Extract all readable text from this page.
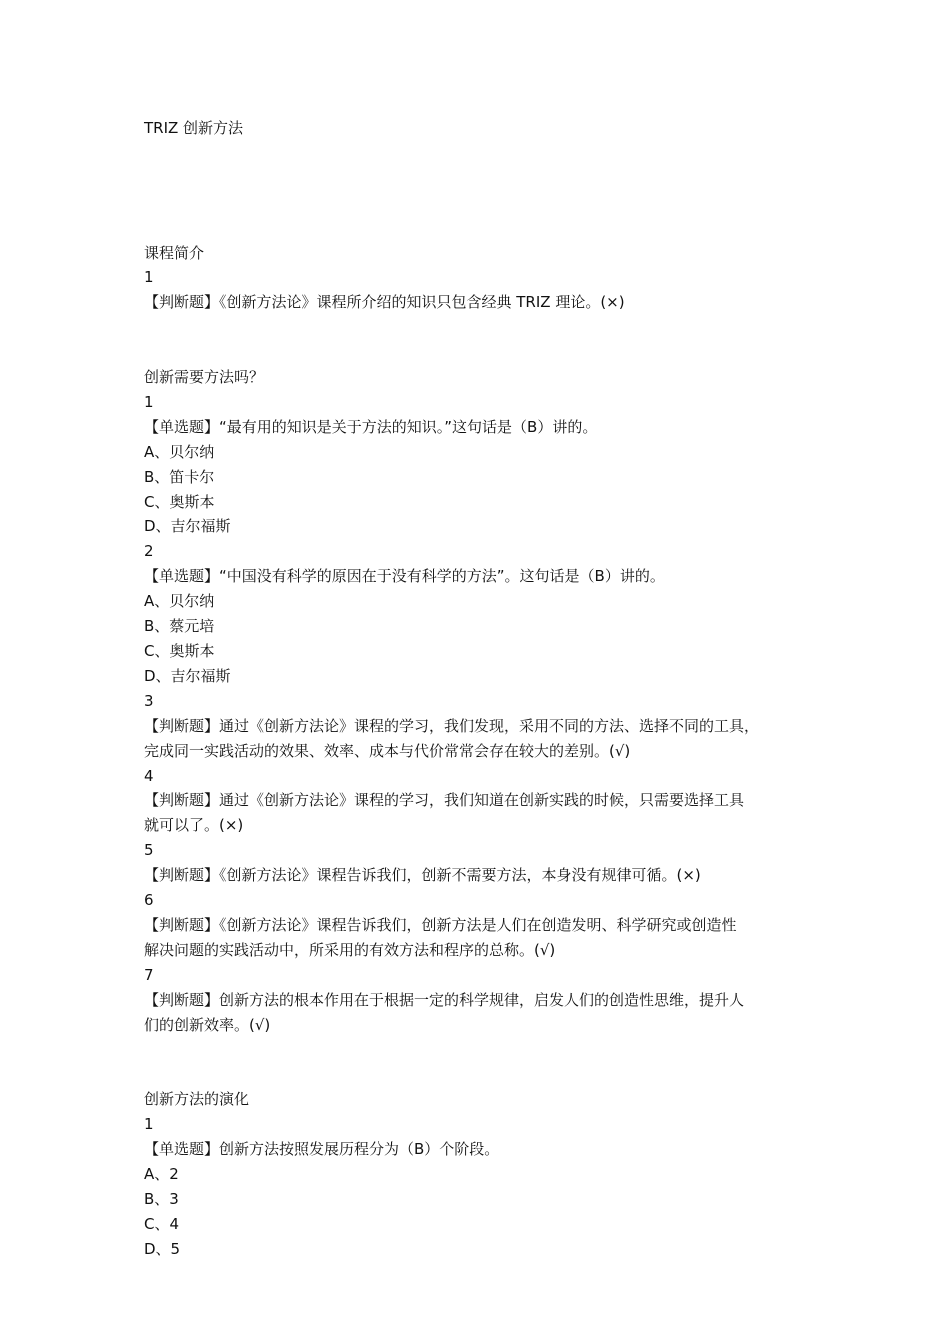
TRIZ 创新方法

课程简介

1

【判断题】《创新方法论》课程所介绍的知识只包含经典 TRIZ 理论。(×)

创新需要方法吗？

1

【单选题】“最有用的知识是关于方法的知识。”这句话是（B）讲的。

A、贝尔纳

B、笛卡尔

C、奥斯本

D、吉尔福斯

2

【单选题】“中国没有科学的原因在于没有科学的方法”。这句话是（B）讲的。

A、贝尔纳

B、蔡元培

C、奥斯本

D、吉尔福斯

3

【判断题】通过《创新方法论》课程的学习，我们发现，采用不同的方法、选择不同的工具，

完成同一实践活动的效果、效率、成本与代价常常会存在较大的差别。(√)

4

【判断题】通过《创新方法论》课程的学习，我们知道在创新实践的时候，只需要选择工具

就可以了。(×)

5

【判断题】《创新方法论》课程告诉我们，创新不需要方法，本身没有规律可循。(×)

6

【判断题】《创新方法论》课程告诉我们，创新方法是人们在创造发明、科学研究或创造性

解决问题的实践活动中，所采用的有效方法和程序的总称。(√)

7

【判断题】创新方法的根本作用在于根据一定的科学规律，启发人们的创造性思维，提升人

们的创新效率。(√)

创新方法的演化

1

【单选题】创新方法按照发展历程分为（B）个阶段。

A、2

B、3

C、4

D、5
